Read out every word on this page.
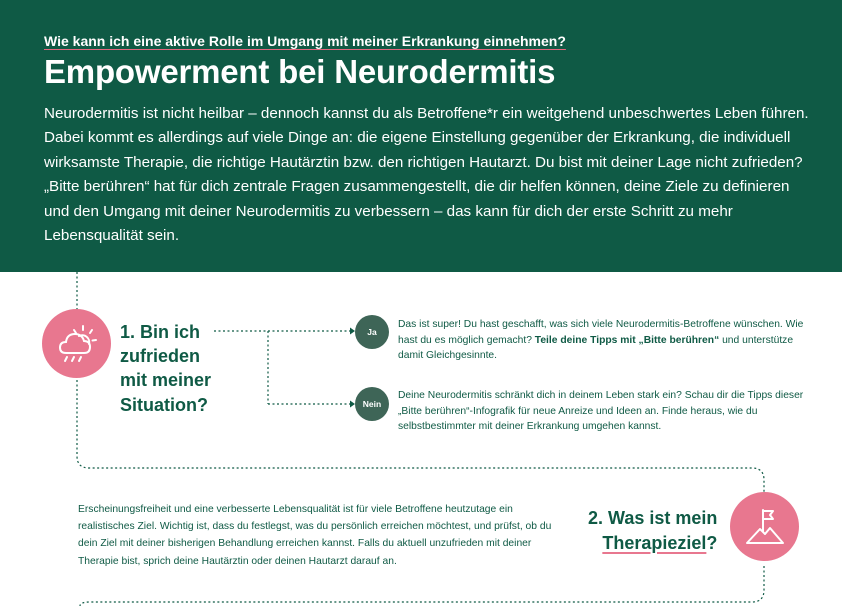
Wie kann ich eine aktive Rolle im Umgang mit meiner Erkrankung einnehmen?
Empowerment bei Neurodermitis
Neurodermitis ist nicht heilbar – dennoch kannst du als Betroffene*r ein weitgehend unbeschwertes Leben führen. Dabei kommt es allerdings auf viele Dinge an: die eigene Einstellung gegenüber der Erkrankung, die individuell wirksamste Therapie, die richtige Hautärztin bzw. den richtigen Hautarzt. Du bist mit deiner Lage nicht zufrieden? „Bitte berühren“ hat für dich zentrale Fragen zusammengestellt, die dir helfen können, deine Ziele zu definieren und den Umgang mit deiner Neurodermitis zu verbessern – das kann für dich der erste Schritt zu mehr Lebensqualität sein.
1. Bin ich zufrieden mit meiner Situation?
Ja
Das ist super! Du hast geschafft, was sich viele Neurodermitis-Betroffene wünschen. Wie hast du es möglich gemacht? Teile deine Tipps mit „Bitte berühren“ und unterstütze damit Gleichgesinnte.
Nein
Deine Neurodermitis schränkt dich in deinem Leben stark ein? Schau dir die Tipps dieser „Bitte berühren“-Infografik für neue Anreize und Ideen an. Finde heraus, wie du selbstbestimmter mit deiner Erkrankung umgehen kannst.
Erscheinungsfreiheit und eine verbesserte Lebensqualität ist für viele Betroffene heutzutage ein realistisches Ziel. Wichtig ist, dass du festlegst, was du persönlich erreichen möchtest, und prüfst, ob du dein Ziel mit deiner bisherigen Behandlung erreichen kannst. Falls du aktuell unzufrieden mit deiner Therapie bist, sprich deine Hautärztin oder deinen Hautarzt darauf an.
2. Was ist mein
Therapieziel?
